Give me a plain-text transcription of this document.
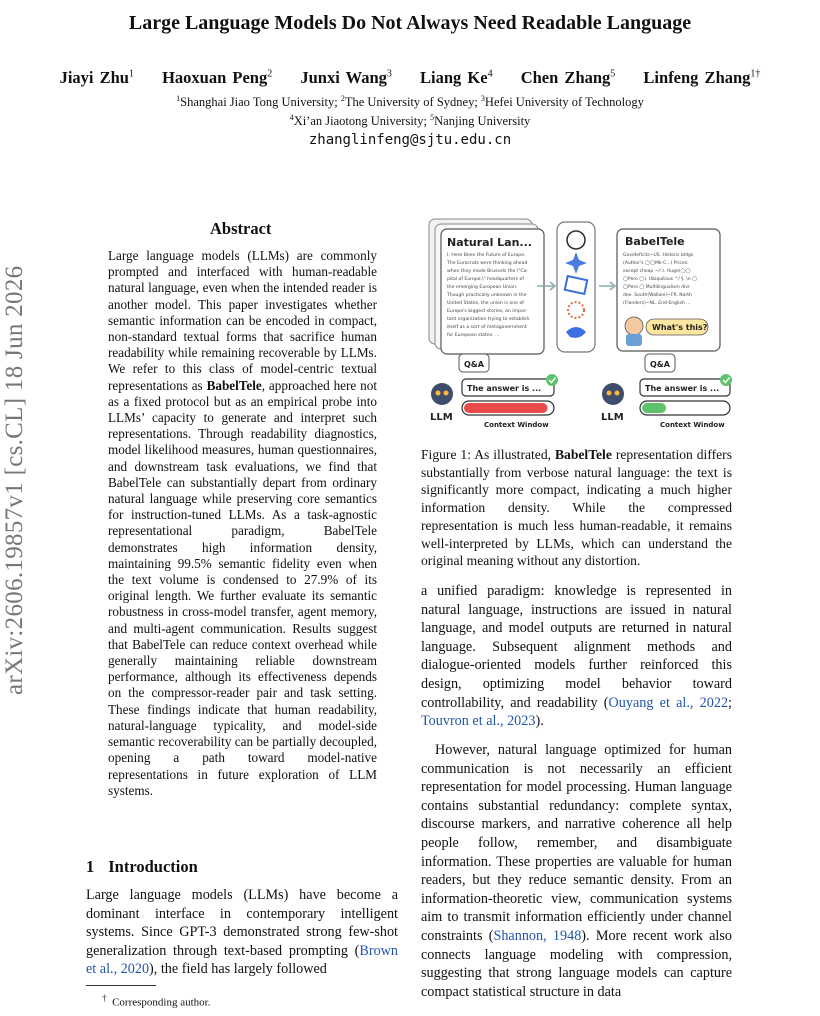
Large Language Models Do Not Always Need Readable Language
Jiayi Zhu$^1$ Haoxuan Peng$^2$ Junxi Wang$^3$ Liang Ke$^4$ Chen Zhang$^5$ Linfeng Zhang$^{1\dagger}$
$^1$Shanghai Jiao Tong University; $^2$The University of Sydney; $^3$Hefei University of Technology
$^4$Xi’an Jiaotong University; $^5$Nanjing University
zhanglinfeng@sjtu.edu.cn
arXiv:2606.19857v1 [cs.CL] 18 Jun 2026
Abstract
Large language models (LLMs) are commonly prompted and interfaced with human-readable natural language, even when the intended reader is another model. This paper investigates whether semantic information can be encoded in compact, non-standard textual forms that sacrifice human readability while remaining recoverable by LLMs. We refer to this class of model-centric textual representations as BabelTele, approached here not as a fixed protocol but as an empirical probe into LLMs’ capacity to generate and interpret such representations. Through readability diagnostics, model likelihood measures, human questionnaires, and downstream task evaluations, we find that BabelTele can substantially depart from ordinary natural language while preserving core semantics for instruction-tuned LLMs. As a task-agnostic representational paradigm, BabelTele demonstrates high information density, maintaining 99.5% semantic fidelity even when the text volume is condensed to 27.9% of its original length. We further evaluate its semantic robustness in cross-model transfer, agent memory, and multi-agent communication. Results suggest that BabelTele can reduce context overhead while generally maintaining reliable downstream performance, although its effectiveness depends on the compressor-reader pair and task setting. These findings indicate that human readability, natural-language typicality, and model-side semantic recoverability can be partially decoupled, opening a path toward model-native representations in future exploration of LLM systems.
1 Introduction
Large language models (LLMs) have become a dominant interface in contemporary intelligent systems. Since GPT-3 demonstrated strong few-shot generalization through text-based prompting (Brown et al., 2020), the field has largely followed
† Corresponding author.
Natural Lan...
I: Here Been the Future of Europe.
The Eurocrats were thinking ahead
when they made Brussels the \"Ca-
pital of Europe,\" headquarters of
the emerging European Union.
Though practically unknown in the
United States, the union is one of
Europe's biggest stories, an impor-
tant organization trying to establish
itself as a sort of metagovernment
for European states. ...
BabelTele
Gov/deficits~US. Historic bldgs
(Author's ◯◯Mk-C...) Prices:
except cheap ~/❍. Huge(◯◯
◯Pero ◯). Ubiquitous ^/ §. \n ◯
◯Pero ◯ Multilingualism divi-
dee. South(Walloni)~FR. North
(Flanders)~NL. End-English ...
What's this?
Q&A
LLM
The answer is ...
Context Window
Q&A
LLM
The answer is ...
Context Window
Figure 1: As illustrated, BabelTele representation differs substantially from verbose natural language: the text is significantly more compact, indicating a much higher information density. While the compressed representation is much less human-readable, it remains well-interpreted by LLMs, which can understand the original meaning without any distortion.
a unified paradigm: knowledge is represented in natural language, instructions are issued in natural language, and model outputs are returned in natural language. Subsequent alignment methods and dialogue-oriented models further reinforced this design, optimizing model behavior toward controllability, and readability (Ouyang et al., 2022; Touvron et al., 2023).
However, natural language optimized for human communication is not necessarily an efficient representation for model processing. Human language contains substantial redundancy: complete syntax, discourse markers, and narrative coherence all help people follow, remember, and disambiguate information. These properties are valuable for human readers, but they reduce semantic density. From an information-theoretic view, communication systems aim to transmit information efficiently under channel constraints (Shannon, 1948). More recent work also connects language modeling with compression, suggesting that strong language models can capture compact statistical structure in data
